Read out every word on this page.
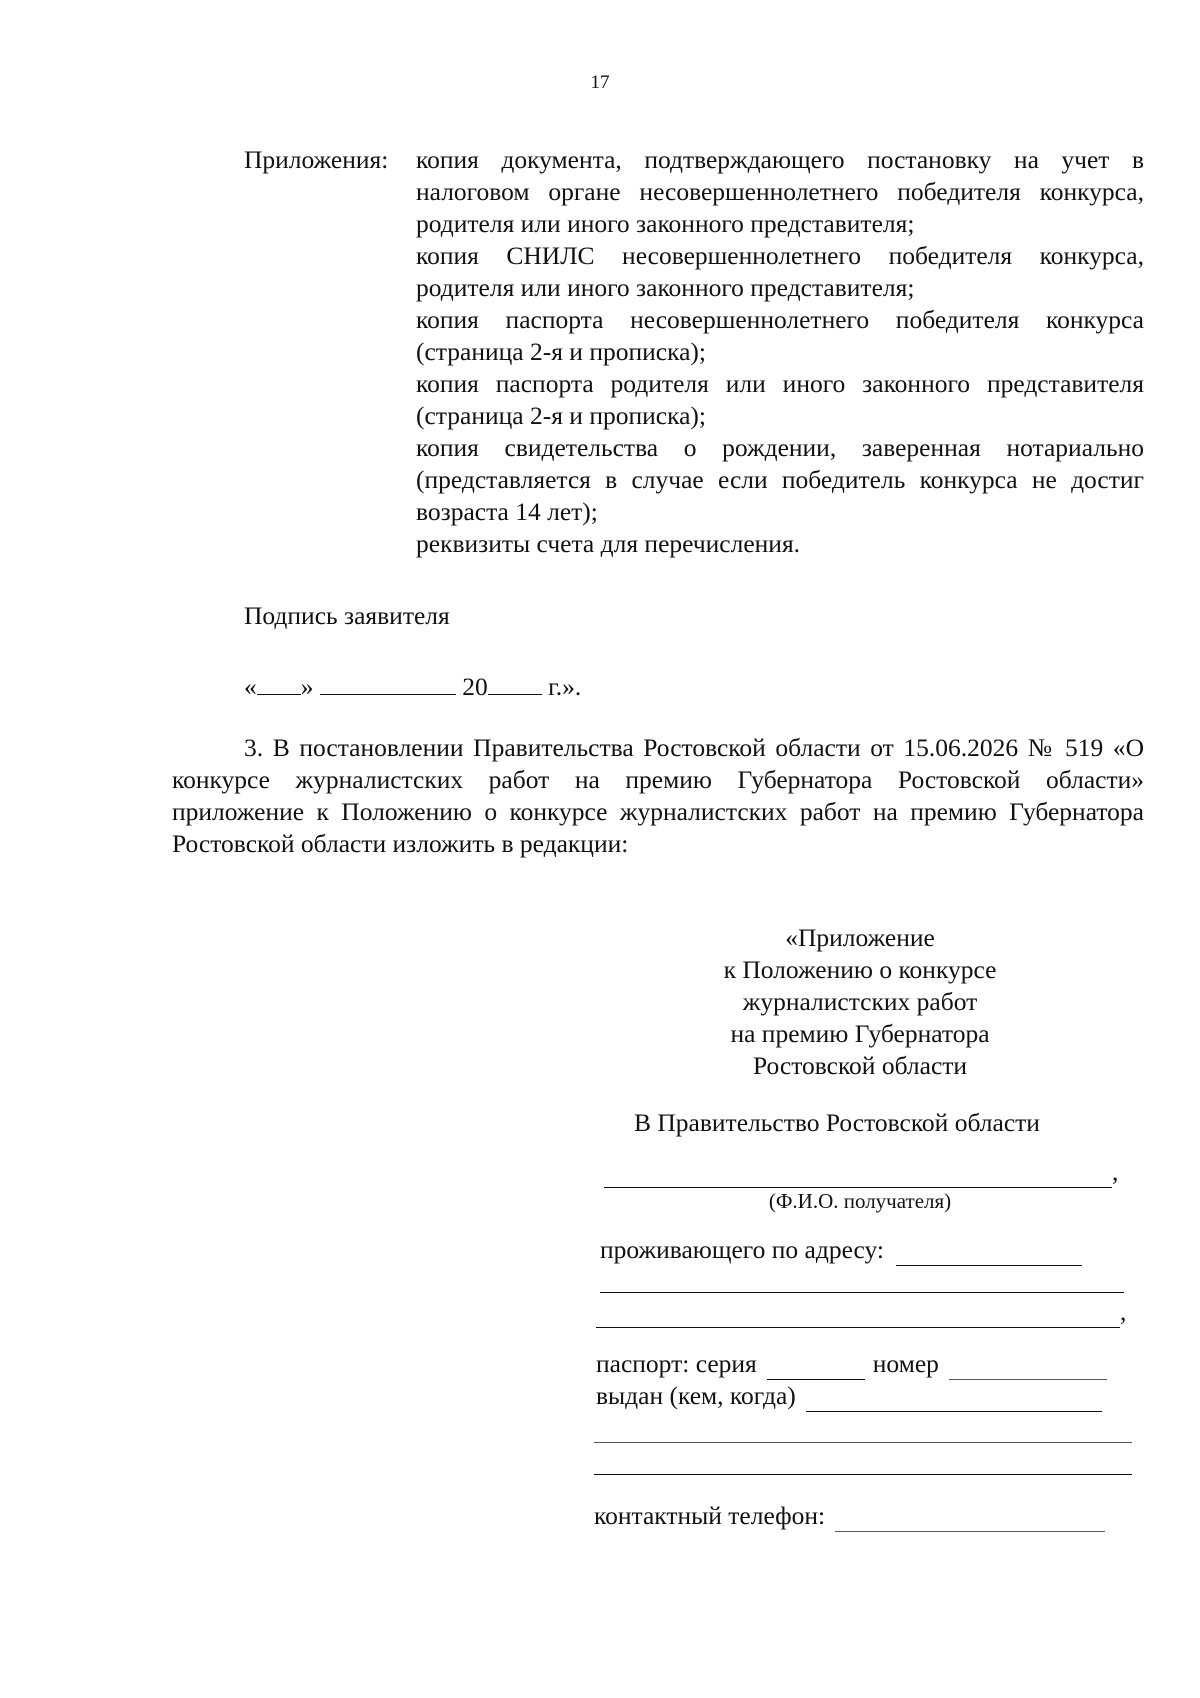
17
Приложения: копия документа, подтверждающего постановку на учет в налоговом органе несовершеннолетнего победителя конкурса, родителя или иного законного представителя;
копия СНИЛС несовершеннолетнего победителя конкурса, родителя или иного законного представителя;
копия паспорта несовершеннолетнего победителя конкурса (страница 2-я и прописка);
копия паспорта родителя или иного законного представителя (страница 2-я и прописка);
копия свидетельства о рождении, заверенная нотариально (представляется в случае если победитель конкурса не достиг возраста 14 лет);
реквизиты счета для перечисления.
Подпись заявителя
« »	20 г.».

3. В постановлении Правительства Ростовской области от 15.06.2026 № 519 «О конкурсе журналистских работ на премию Губернатора Ростовской области» приложение к Положению о конкурсе журналистских работ на премию Губернатора Ростовской области изложить в редакции:

«Приложение
к Положению о конкурсе
журналистских работ
на премию Губернатора
Ростовской области
В Правительство Ростовской области
,
(Ф.И.О. получателя)
проживающего по адресу:
,
паспорт: серия	номер
выдан (кем, когда)
контактный телефон:
